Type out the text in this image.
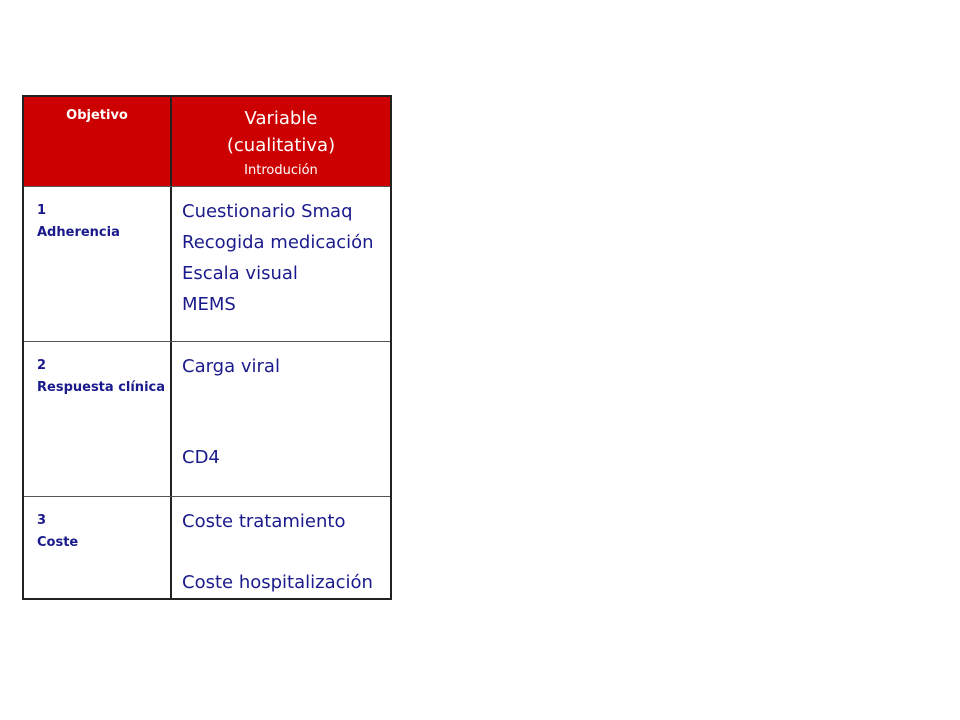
Objetivo	Variable
(cualitativa)
Introdución
1
Adherencia
Cuestionario Smaq
Recogida medicación
Escala visual
MEMS
2
Respuesta clínica
Carga viral
CD4
3
Coste
Coste tratamiento
Coste hospitalización
